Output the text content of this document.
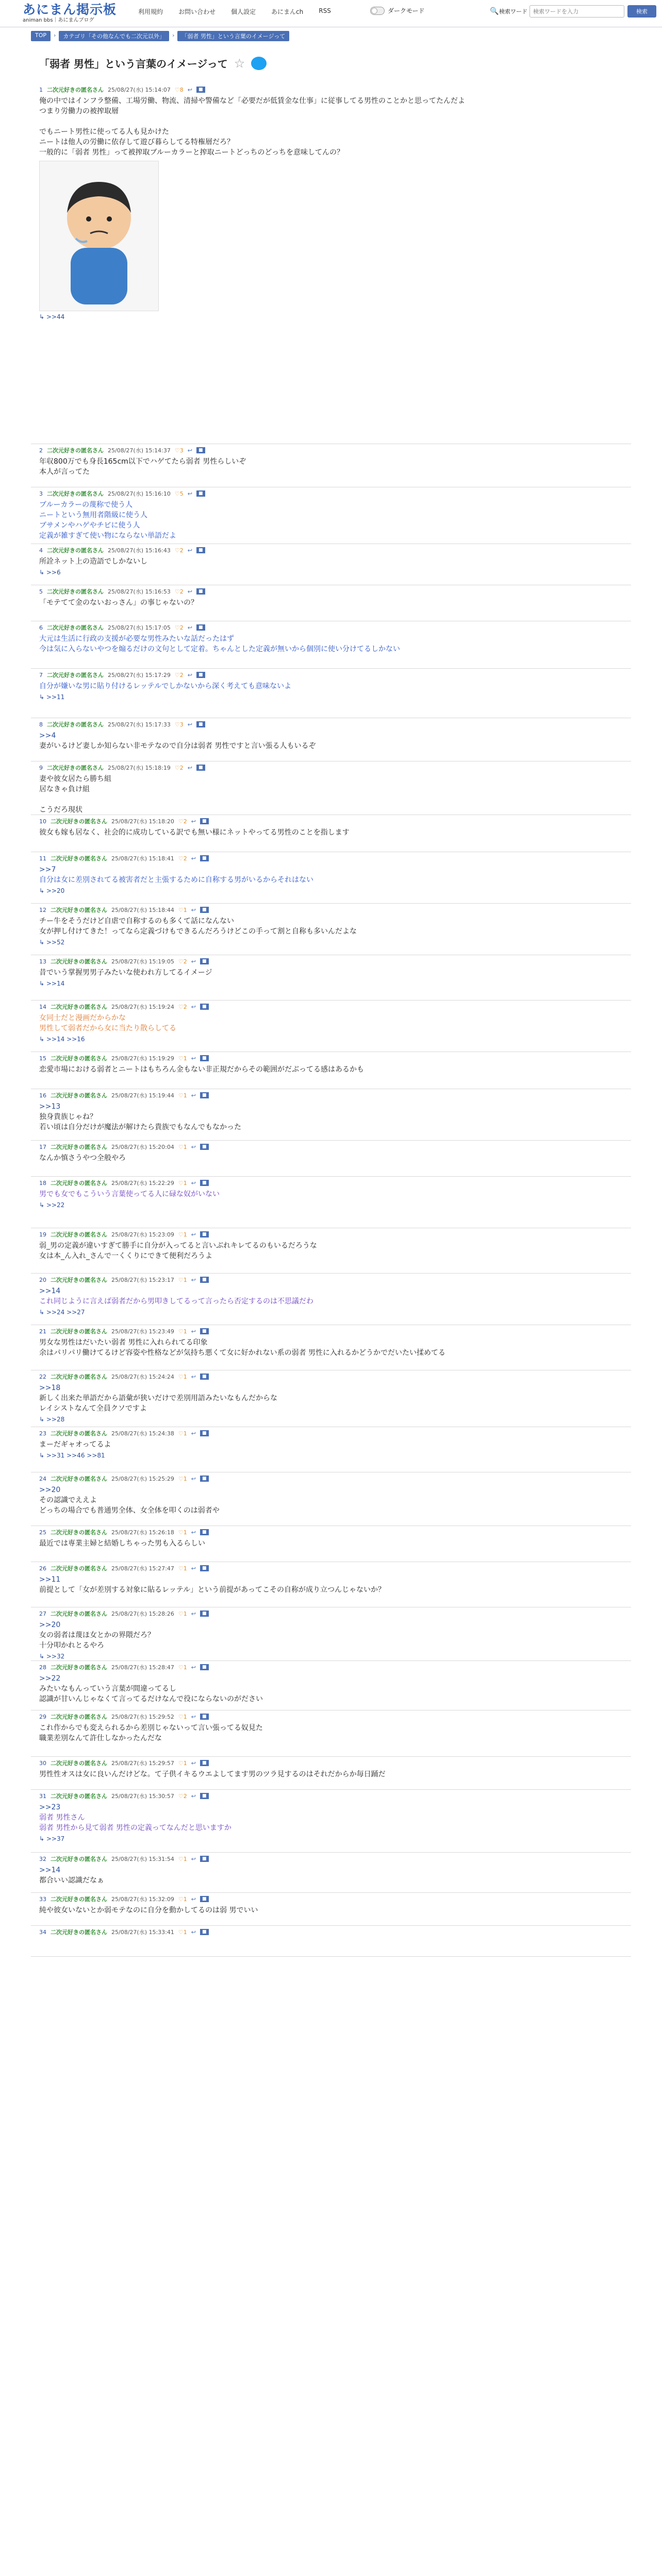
あにまん掲示板
animan bbs｜あにまんブログ
利用規約	お問い合わせ	個人設定	あにまんch	RSS	ダークモード	🔍 検索ワード
検索ワードを入力	検索
TOP	›	カテゴリ「その他なんでも二次元以外」	›	「弱者 男性」という言葉のイメージって
「弱者 男性」という言葉のイメージって ☆
1 二次元好きの匿名さん 25/08/27(水) 15:14:07 ♡8 ↩	■
俺の中ではインフラ整備、工場労働、物流、清掃や警備など「必要だが低賃金な仕事」に従事してる男性のことかと思ってたんだよ
つまり労働力の被搾取層
でもニート男性に使ってる人も見かけた
ニートは他人の労働に依存して遊び暮らしてる特権層だろ？
一般的に「弱者 男性」って被搾取ブルーカラーと搾取ニートどっちのどっちを意味してんの？
↳ >>44
2 二次元好きの匿名さん 25/08/27(水) 15:14:37 ♡3 ↩	■
年収800万でも身長165cm以下でハゲてたら弱者 男性らしいぞ
本人が言ってた
3 二次元好きの匿名さん 25/08/27(水) 15:16:10 ♡5 ↩	■
ブルーカラーの蔑称で使う人
ニートという無用者階級に使う人
ブサメンやハゲやチビに使う人
定義が雑すぎて使い物にならない単語だよ
4 二次元好きの匿名さん 25/08/27(水) 15:16:43 ♡2 ↩	■
所詮ネット上の造語でしかないし
↳ >>6
5 二次元好きの匿名さん 25/08/27(水) 15:16:53 ♡2 ↩	■
「モテてて金のないおっさん」の事じゃないの？
6 二次元好きの匿名さん 25/08/27(水) 15:17:05 ♡2 ↩	■
大元は生活に行政の支援が必要な男性みたいな話だったはず
今は気に入らないやつを煽るだけの文句として定着。ちゃんとした定義が無いから個別に使い分けてるしかない
7 二次元好きの匿名さん 25/08/27(水) 15:17:29 ♡2 ↩	■
自分が嫌いな男に貼り付けるレッテルでしかないから深く考えても意味ないよ
↳ >>11
8 二次元好きの匿名さん 25/08/27(水) 15:17:33 ♡3 ↩	■
>>4
妻がいるけど妻しか知らない非モテなので自分は弱者 男性ですと言い張る人もいるぞ
9 二次元好きの匿名さん 25/08/27(水) 15:18:19 ♡2 ↩	■
妻や彼女居たら勝ち組
居なきゃ負け組
こうだろ現状
10 二次元好きの匿名さん 25/08/27(水) 15:18:20 ♡2 ↩	■
彼女も嫁も居なく、社会的に成功している訳でも無い様にネットやってる男性のことを指します
11 二次元好きの匿名さん 25/08/27(水) 15:18:41 ♡2 ↩	■
>>7
自分は女に差別されてる被害者だと主張するために自称する男がいるからそれはない
↳ >>20
12 二次元好きの匿名さん 25/08/27(水) 15:18:44 ♡1 ↩	■
チー牛をそうだけど自虐で自称するのも多くて話になんない
女が押し付けてきた！ってなら定義づけもできるんだろうけどこの手って割と自称も多いんだよな
↳ >>52
13 二次元好きの匿名さん 25/08/27(水) 15:19:05 ♡2 ↩	■
昔でいう掌握男男子みたいな使われ方してるイメージ
↳ >>14
14 二次元好きの匿名さん 25/08/27(水) 15:19:24 ♡2 ↩	■
女同士だと漫画だからかな
男性して弱者だから女に当たり散らしてる
↳ >>14 >>16
15 二次元好きの匿名さん 25/08/27(水) 15:19:29 ♡1 ↩	■
恋愛市場における弱者とニートはもちろん金もない非正規だからその範囲がだぶってる感はあるかも
16 二次元好きの匿名さん 25/08/27(水) 15:19:44 ♡1 ↩	■
>>13
独身貴族じゃね？
若い頃は自分だけが魔法が解けたら貴族でもなんでもなかった
17 二次元好きの匿名さん 25/08/27(水) 15:20:04 ♡1 ↩	■
なんか慎さうやつ全般やろ
18 二次元好きの匿名さん 25/08/27(水) 15:22:29 ♡1 ↩	■
男でも女でもこういう言葉使ってる人に碌な奴がいない
↳ >>22
19 二次元好きの匿名さん 25/08/27(水) 15:23:09 ♡1 ↩	■
弱_男の定義が違いすぎて勝手に自分が入ってると言いぶれキレてるのもいるだろうな
女は本_ん入れ_さんで一くくりにできて便利だろうよ
20 二次元好きの匿名さん 25/08/27(水) 15:23:17 ♡1 ↩	■
>>14
これ同じように言えば弱者だから男叩きしてるって言ったら否定するのは不思議だわ
↳ >>24 >>27
21 二次元好きの匿名さん 25/08/27(水) 15:23:49 ♡1 ↩	■
男女な男性はだいたい弱者 男性に入れられてる印象
余はパリパリ働けてるけど容姿や性格などが気持ち悪くて女に好かれない系の弱者 男性に入れるかどうかでだいたい揉めてる
22 二次元好きの匿名さん 25/08/27(水) 15:24:24 ♡1 ↩	■
>>18
新しく出来た単語だから語彙が狭いだけで差別用語みたいなもんだからな
レイシストなんて全員クソですよ
↳ >>28
23 二次元好きの匿名さん 25/08/27(水) 15:24:38 ♡1 ↩	■
まーだギャオってるよ
↳ >>31 >>46 >>81
24 二次元好きの匿名さん 25/08/27(水) 15:25:29 ♡1 ↩	■
>>20
その認識でええよ
どっちの場合でも普通男全体、女全体を叩くのは弱者や
25 二次元好きの匿名さん 25/08/27(水) 15:26:18 ♡1 ↩	■
最近では専業主婦と結婚しちゃった男も入るらしい
26 二次元好きの匿名さん 25/08/27(水) 15:27:47 ♡1 ↩	■
>>11
前提として「女が差別する対象に貼るレッテル」という前提があってこその自称が成り立つんじゃないか？
27 二次元好きの匿名さん 25/08/27(水) 15:28:26 ♡1 ↩	■
>>20
女の弱者は蔑ほ女とかの界隈だろ？
十分叩かれとるやろ
↳ >>32
28 二次元好きの匿名さん 25/08/27(水) 15:28:47 ♡1 ↩	■
>>22
みたいなもんっていう言葉が間違ってるし
認識が甘いんじゃなくて言ってるだけなんで役にならないのがださい
29 二次元好きの匿名さん 25/08/27(水) 15:29:52 ♡1 ↩	■
これ作からでも変えられるから差別じゃないって言い張ってる奴見た
職業差別なんて許仕しなかったんだな
30 二次元好きの匿名さん 25/08/27(水) 15:29:57 ♡1 ↩	■
男性性オスは女に良いんだけどな。て子供イキるウエよしてます男のツラ見するのはそれだからか毎日踊だ
31 二次元好きの匿名さん 25/08/27(水) 15:30:57 ♡2 ↩	■
>>23
弱者 男性さん
弱者 男性から見て弱者 男性の定義ってなんだと思いますか
↳ >>37
32 二次元好きの匿名さん 25/08/27(水) 15:31:54 ♡1 ↩	■
>>14
都合いい認識だなぁ
33 二次元好きの匿名さん 25/08/27(水) 15:32:09 ♡1 ↩	■
純や彼女いないとか弱モテなのに自分を動かしてるのは弱 男でいい
34 二次元好きの匿名さん 25/08/27(水) 15:33:41 ♡1 ↩	■
